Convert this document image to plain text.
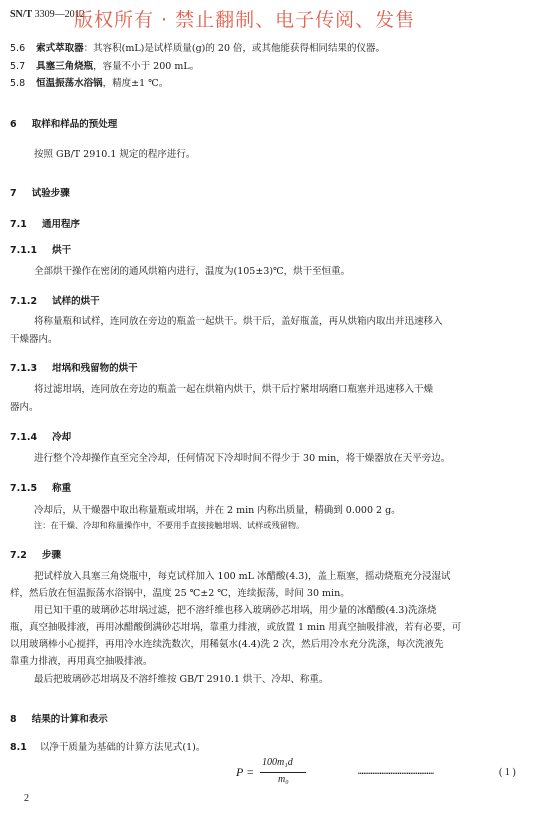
SN/T 3309—2012
版权所有 · 禁止翻制、电子传阅、发售
5.6 索式萃取器：其容积(mL)是试样质量(g)的 20 倍，或其他能获得相同结果的仪器。
5.7 具塞三角烧瓶，容量不小于 200 mL。
5.8 恒温振荡水浴锅，精度±1 ℃。
6 取样和样品的预处理
按照 GB/T 2910.1 规定的程序进行。
7 试验步骤
7.1 通用程序
7.1.1 烘干
全部烘干操作在密闭的通风烘箱内进行，温度为(105±3)℃，烘干至恒重。
7.1.2 试样的烘干
将称量瓶和试样，连同放在旁边的瓶盖一起烘干。烘干后，盖好瓶盖，再从烘箱内取出并迅速移入
干燥器内。
7.1.3 坩埚和残留物的烘干
将过滤坩埚，连同放在旁边的瓶盖一起在烘箱内烘干，烘干后拧紧坩埚磨口瓶塞并迅速移入干燥
器内。
7.1.4 冷却
进行整个冷却操作直至完全冷却，任何情况下冷却时间不得少于 30 min，将干燥器放在天平旁边。
7.1.5 称重
冷却后，从干燥器中取出称量瓶或坩埚，并在 2 min 内称出质量，精确到 0.000 2 g。
注：在干燥、冷却和称量操作中，不要用手直接接触坩埚、试样或残留物。
7.2 步骤
把试样放入具塞三角烧瓶中，每克试样加入 100 mL 冰醋酸(4.3)，盖上瓶塞，摇动烧瓶充分浸湿试
样，然后放在恒温振荡水浴锅中，温度 25 ℃±2 ℃，连续振荡，时间 30 min。
用已知干重的玻璃砂芯坩埚过滤，把不溶纤维也移入玻璃砂芯坩埚，用少量的冰醋酸(4.3)洗涤烧
瓶，真空抽吸排液，再用冰醋酸倒满砂芯坩埚，靠重力排液，或放置 1 min 用真空抽吸排液，若有必要，可
以用玻璃棒小心搅拌，再用冷水连续洗数次，用稀氨水(4.4)洗 2 次，然后用冷水充分洗涤，每次洗液先
靠重力排液，再用真空抽吸排液。
最后把玻璃砂芯坩埚及不溶纤维按 GB/T 2910.1 烘干、冷却、称重。
8 结果的计算和表示
8.1 以净干质量为基础的计算方法见式(1)。
P =
100m₁d
m₀
……………………………………	( 1 )
2
